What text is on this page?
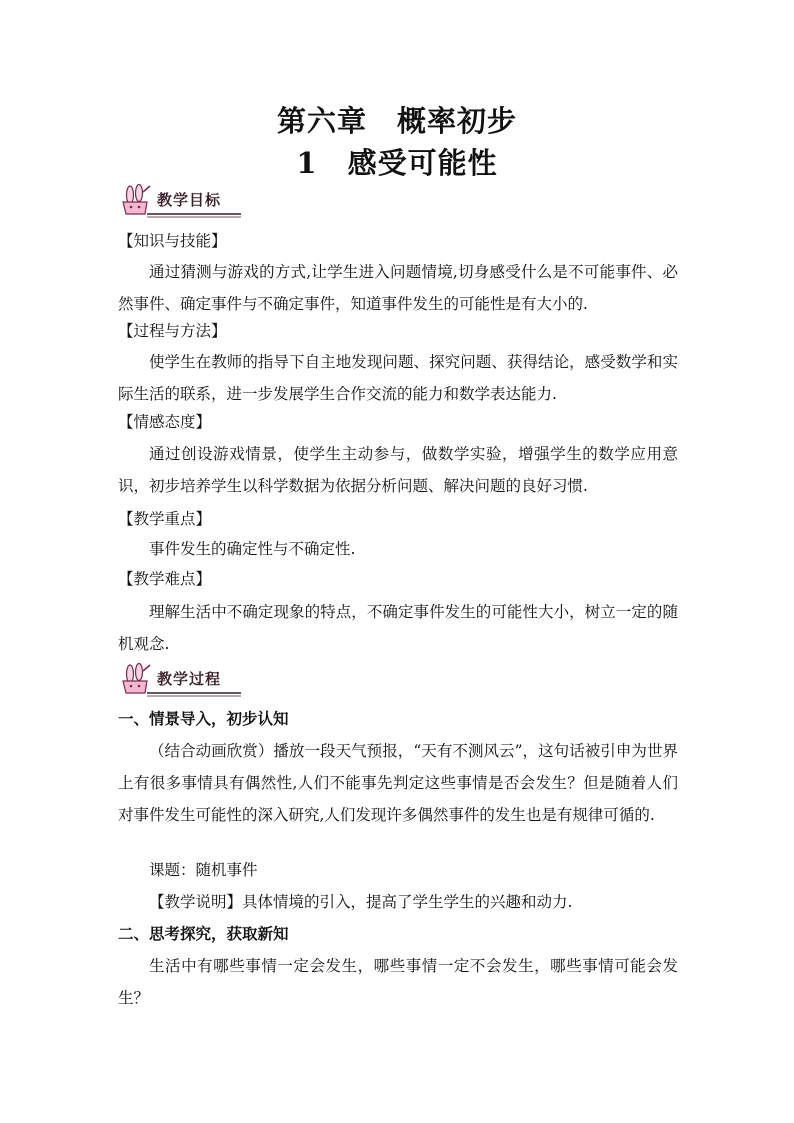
第六章　概率初步
1　感受可能性
教学目标

【知识与技能】

通过猜测与游戏的方式,让学生进入问题情境,切身感受什么是不可能事件、必然事件、确定事件与不确定事件，知道事件发生的可能性是有大小的.

【过程与方法】

使学生在教师的指导下自主地发现问题、探究问题、获得结论，感受数学和实际生活的联系，进一步发展学生合作交流的能力和数学表达能力.

【情感态度】

通过创设游戏情景，使学生主动参与，做数学实验，增强学生的数学应用意识，初步培养学生以科学数据为依据分析问题、解决问题的良好习惯.

【教学重点】

事件发生的确定性与不确定性.

【教学难点】

理解生活中不确定现象的特点，不确定事件发生的可能性大小，树立一定的随机观念.

教学过程

一、情景导入，初步认知

（结合动画欣赏）播放一段天气预报，“天有不测风云”，这句话被引申为世界上有很多事情具有偶然性,人们不能事先判定这些事情是否会发生？但是随着人们对事件发生可能性的深入研究,人们发现许多偶然事件的发生也是有规律可循的.

课题：随机事件

【教学说明】具体情境的引入，提高了学生学生的兴趣和动力.

二、思考探究，获取新知

生活中有哪些事情一定会发生，哪些事情一定不会发生，哪些事情可能会发生？
